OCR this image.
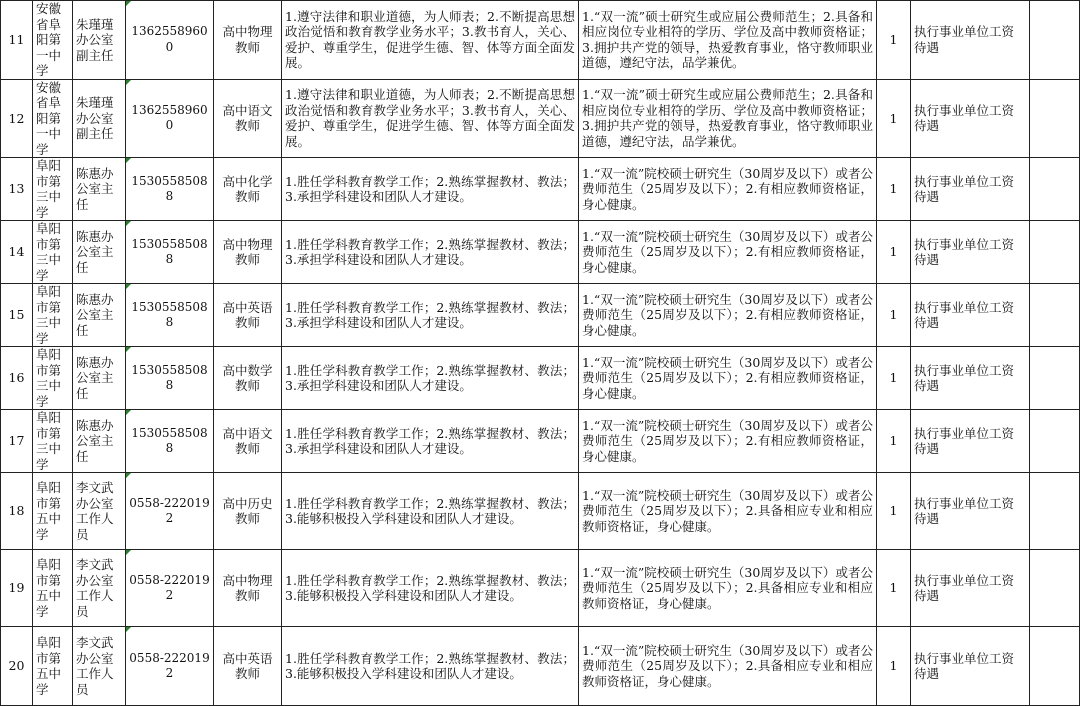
11	安徽省阜阳第一中学	朱瑾瑾办公室副主任	13625589600	高中物理教师	1.遵守法律和职业道德，为人师表；2.不断提高思想政治觉悟和教育教学业务水平；3.教书育人，关心、爱护、尊重学生，促进学生德、智、体等方面全面发展。	1.“双一流”硕士研究生或应届公费师范生；2.具备和相应岗位专业相符的学历、学位及高中教师资格证；3.拥护共产党的领导，热爱教育事业，恪守教师职业道德，遵纪守法，品学兼优。	1	执行事业单位工资待遇	
12	安徽省阜阳第一中学	朱瑾瑾办公室副主任	13625589600	高中语文教师	1.遵守法律和职业道德，为人师表；2.不断提高思想政治觉悟和教育教学业务水平；3.教书育人，关心、爱护、尊重学生，促进学生德、智、体等方面全面发展。	1.“双一流”硕士研究生或应届公费师范生；2.具备和相应岗位专业相符的学历、学位及高中教师资格证；3.拥护共产党的领导，热爱教育事业，恪守教师职业道德，遵纪守法，品学兼优。	1	执行事业单位工资待遇	
13	阜阳市第三中学	陈惠办公室主任	15305585088	高中化学教师	1.胜任学科教育教学工作；2.熟练掌握教材、教法；3.承担学科建设和团队人才建设。	1.“双一流”院校硕士研究生（30周岁及以下）或者公费师范生（25周岁及以下）；2.有相应教师资格证，身心健康。	1	执行事业单位工资待遇	
14	阜阳市第三中学	陈惠办公室主任	15305585088	高中物理教师	1.胜任学科教育教学工作；2.熟练掌握教材、教法；3.承担学科建设和团队人才建设。	1.“双一流”院校硕士研究生（30周岁及以下）或者公费师范生（25周岁及以下）；2.有相应教师资格证，身心健康。	1	执行事业单位工资待遇	
15	阜阳市第三中学	陈惠办公室主任	15305585088	高中英语教师	1.胜任学科教育教学工作；2.熟练掌握教材、教法；3.承担学科建设和团队人才建设。	1.“双一流”院校硕士研究生（30周岁及以下）或者公费师范生（25周岁及以下）；2.有相应教师资格证，身心健康。	1	执行事业单位工资待遇	
16	阜阳市第三中学	陈惠办公室主任	15305585088	高中数学教师	1.胜任学科教育教学工作；2.熟练掌握教材、教法；3.承担学科建设和团队人才建设。	1.“双一流”院校硕士研究生（30周岁及以下）或者公费师范生（25周岁及以下）；2.有相应教师资格证，身心健康。	1	执行事业单位工资待遇	
17	阜阳市第三中学	陈惠办公室主任	15305585088	高中语文教师	1.胜任学科教育教学工作；2.熟练掌握教材、教法；3.承担学科建设和团队人才建设。	1.“双一流”院校硕士研究生（30周岁及以下）或者公费师范生（25周岁及以下）；2.有相应教师资格证，身心健康。	1	执行事业单位工资待遇	
18	阜阳市第五中学	李文武办公室工作人员	0558-2220192	高中历史教师	1.胜任学科教育教学工作；2.熟练掌握教材、教法；3.能够积极投入学科建设和团队人才建设。	1.“双一流”院校硕士研究生（30周岁及以下）或者公费师范生（25周岁及以下）；2.具备相应专业和相应教师资格证，身心健康。	1	执行事业单位工资待遇	
19	阜阳市第五中学	李文武办公室工作人员	0558-2220192	高中物理教师	1.胜任学科教育教学工作；2.熟练掌握教材、教法；3.能够积极投入学科建设和团队人才建设。	1.“双一流”院校硕士研究生（30周岁及以下）或者公费师范生（25周岁及以下）；2.具备相应专业和相应教师资格证，身心健康。	1	执行事业单位工资待遇	
20	阜阳市第五中学	李文武办公室工作人员	0558-2220192	高中英语教师	1.胜任学科教育教学工作；2.熟练掌握教材、教法；3.能够积极投入学科建设和团队人才建设。	1.“双一流”院校硕士研究生（30周岁及以下）或者公费师范生（25周岁及以下）；2.具备相应专业和相应教师资格证，身心健康。	1	执行事业单位工资待遇	
